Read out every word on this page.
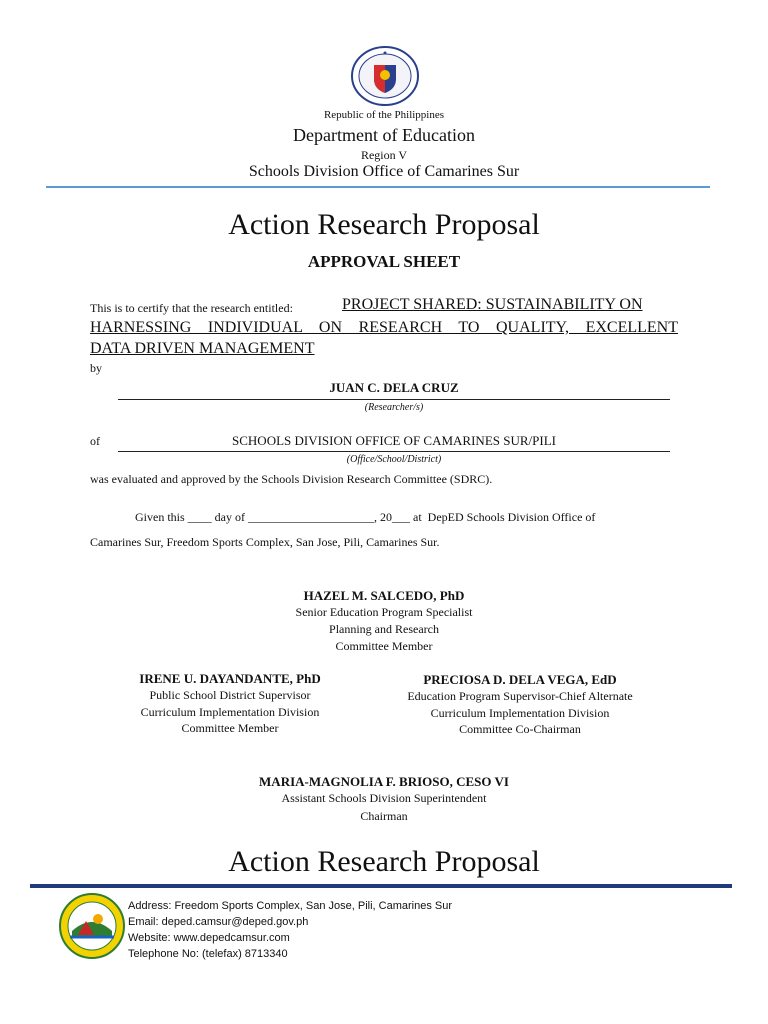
Republic of the Philippines
Department of Education
Region V
Schools Division Office of Camarines Sur
Action Research Proposal
APPROVAL SHEET
This is to certify that the research entitled:	PROJECT SHARED: SUSTAINABILITY ON
HARNESSING INDIVIDUAL ON RESEARCH TO QUALITY, EXCELLENT
DATA DRIVEN MANAGEMENT
by
JUAN C. DELA CRUZ
(Researcher/s)
of	SCHOOLS DIVISION OFFICE OF CAMARINES SUR/PILI
(Office/School/District)
was evaluated and approved by the Schools Division Research Committee (SDRC).
Given this ____ day of _____________________, 20___ at  DepED Schools Division Office of
Camarines Sur, Freedom Sports Complex, San Jose, Pili, Camarines Sur.
HAZEL M. SALCEDO, PhD
Senior Education Program Specialist
Planning and Research
Committee Member
IRENE U. DAYANDANTE, PhD
Public School District Supervisor
Curriculum Implementation Division
Committee Member
PRECIOSA D. DELA VEGA, EdD
Education Program Supervisor-Chief Alternate
Curriculum Implementation Division
Committee Co-Chairman
MARIA-MAGNOLIA F. BRIOSO, CESO VI
Assistant Schools Division Superintendent
Chairman
Action Research Proposal
Address: Freedom Sports Complex, San Jose, Pili, Camarines Sur
Email: deped.camsur@deped.gov.ph
Website: www.depedcamsur.com
Telephone No: (telefax) 8713340
